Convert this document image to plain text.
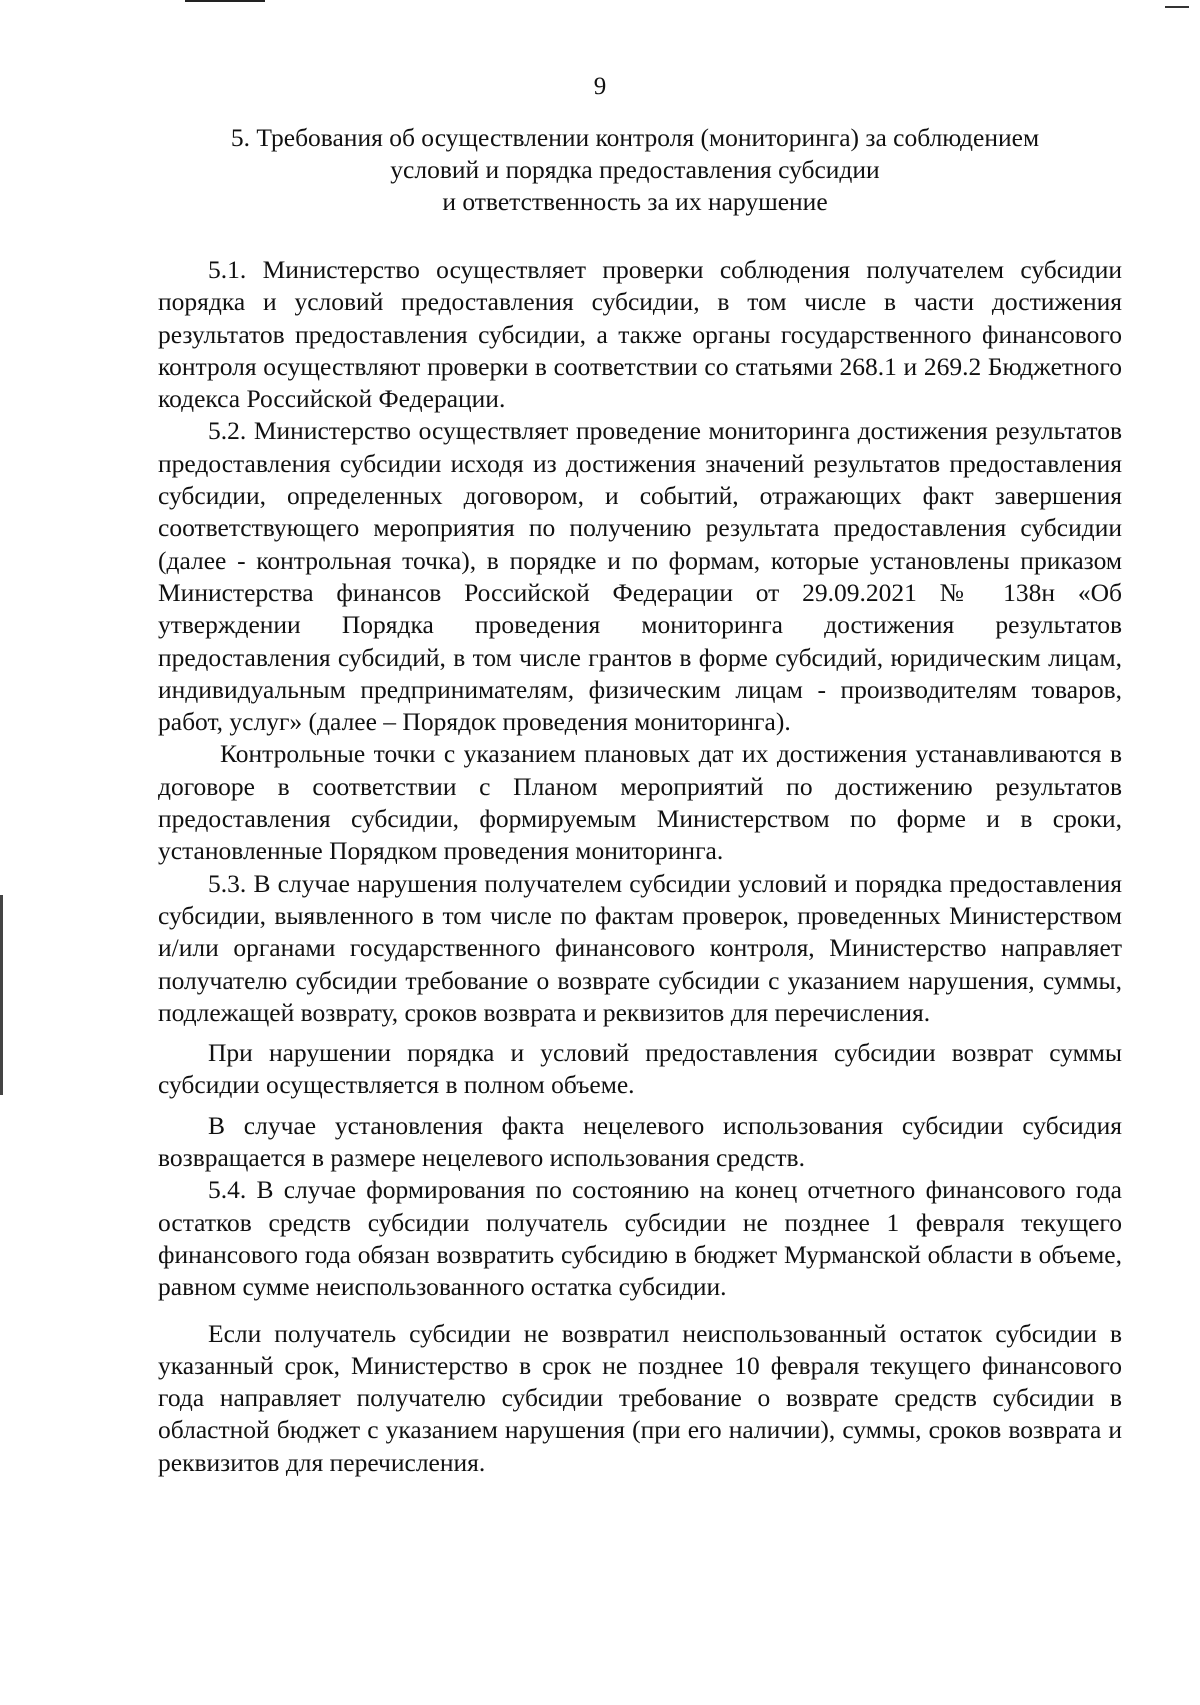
9
5. Требования об осуществлении контроля (мониторинга) за соблюдением
условий и порядка предоставления субсидии
и ответственность за их нарушение

5.1. Министерство осуществляет проверки соблюдения получателем субсидии порядка и условий предоставления субсидии, в том числе в части достижения результатов предоставления субсидии, а также органы государственного финансового контроля осуществляют проверки в соответствии со статьями 268.1 и 269.2 Бюджетного кодекса Российской Федерации.

5.2. Министерство осуществляет проведение мониторинга достижения результатов предоставления субсидии исходя из достижения значений результатов предоставления субсидии, определенных договором, и событий, отражающих факт завершения соответствующего мероприятия по получению результата предоставления субсидии (далее - контрольная точка), в порядке и по формам, которые установлены приказом Министерства финансов Российской Федерации от 29.09.2021 № 138н «Об утверждении Порядка проведения мониторинга достижения результатов предоставления субсидий, в том числе грантов в форме субсидий, юридическим лицам, индивидуальным предпринимателям, физическим лицам - производителям товаров, работ, услуг» (далее – Порядок проведения мониторинга).

Контрольные точки с указанием плановых дат их достижения устанавливаются в договоре в соответствии с Планом мероприятий по достижению результатов предоставления субсидии, формируемым Министерством по форме и в сроки, установленные Порядком проведения мониторинга.

5.3. В случае нарушения получателем субсидии условий и порядка предоставления субсидии, выявленного в том числе по фактам проверок, проведенных Министерством и/или органами государственного финансового контроля, Министерство направляет получателю субсидии требование о возврате субсидии с указанием нарушения, суммы, подлежащей возврату, сроков возврата и реквизитов для перечисления.

При нарушении порядка и условий предоставления субсидии возврат суммы субсидии осуществляется в полном объеме.

В случае установления факта нецелевого использования субсидии субсидия возвращается в размере нецелевого использования средств.

5.4. В случае формирования по состоянию на конец отчетного финансового года остатков средств субсидии получатель субсидии не позднее 1 февраля текущего финансового года обязан возвратить субсидию в бюджет Мурманской области в объеме, равном сумме неиспользованного остатка субсидии.

Если получатель субсидии не возвратил неиспользованный остаток субсидии в указанный срок, Министерство в срок не позднее 10 февраля текущего финансового года направляет получателю субсидии требование о возврате средств субсидии в областной бюджет с указанием нарушения (при его наличии), суммы, сроков возврата и реквизитов для перечисления.
